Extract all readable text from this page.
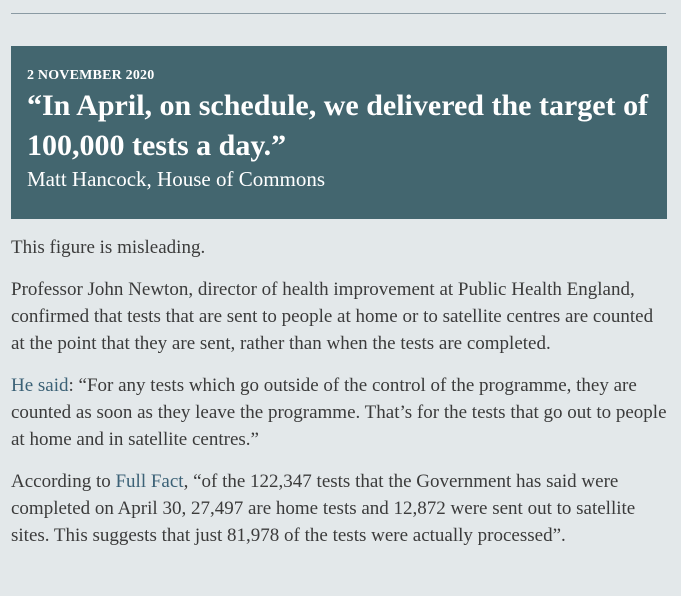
2 NOVEMBER 2020

“In April, on schedule, we delivered the target of 100,000 tests a day.”

Matt Hancock, House of Commons

This figure is misleading.

Professor John Newton, director of health improvement at Public Health England, confirmed that tests that are sent to people at home or to satellite centres are counted at the point that they are sent, rather than when the tests are completed.

He said: “For any tests which go outside of the control of the programme, they are counted as soon as they leave the programme. That’s for the tests that go out to people at home and in satellite centres.”

According to Full Fact, “of the 122,347 tests that the Government has said were completed on April 30, 27,497 are home tests and 12,872 were sent out to satellite sites. This suggests that just 81,978 of the tests were actually processed”.
